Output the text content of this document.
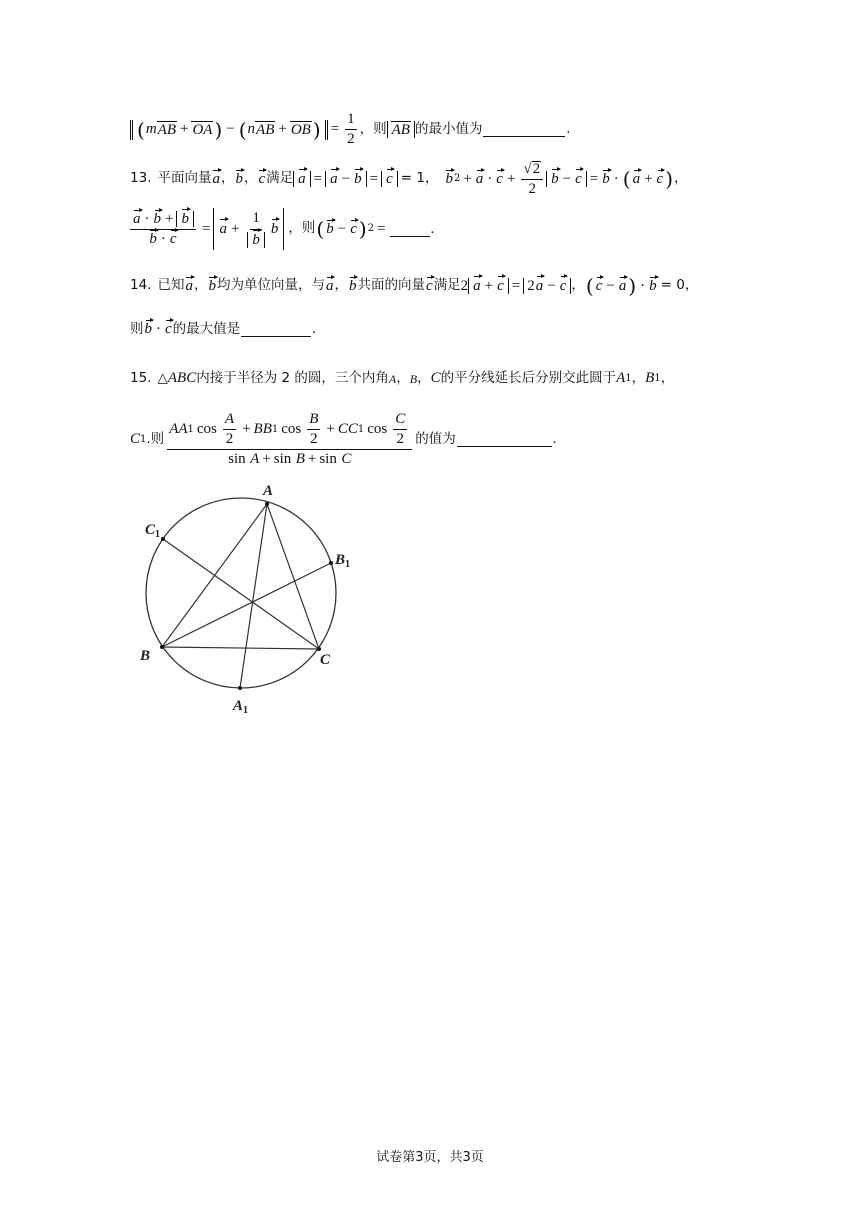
( m AB + OA ) − ( n AB + OB ) = $\frac{1}{2}$ ，则 AB 的最小值为	.
13. 平面向量 a ， b ， c 满足 a = a − b = c = 1， b $2 + a \cdot c + \frac{√ 2}{2}$ b − c = b · ( a + c ) ，
$\frac{a \cdot b + b}{b \cdot c} = a + \frac{1}{b}$ b ，则 ( b − c ) 2 =	.
14. 已知 a ， b 均为单位向量，与 a ， b 共面的向量 c 满足 2 a + c = 2a − c ， ( c − a ) · b = 0，
则 b · c 的最大值是	.
15. △ ABC 内接于半径为 2 的圆，三个内角 A ， B ， C 的平分线延长后分别交此圆于 A 1 ， B 1 ，
C 1 .则
AA 1 $\cos \frac{A}{2}$ + BB 1 $\cos \frac{B}{2}$ + CC 1 $\cos \frac{C}{2}$
sin
A + sin
B + sin
C
的值为	.
A
B	C
A 1
B 1
C 1
试卷第3页，共3页
